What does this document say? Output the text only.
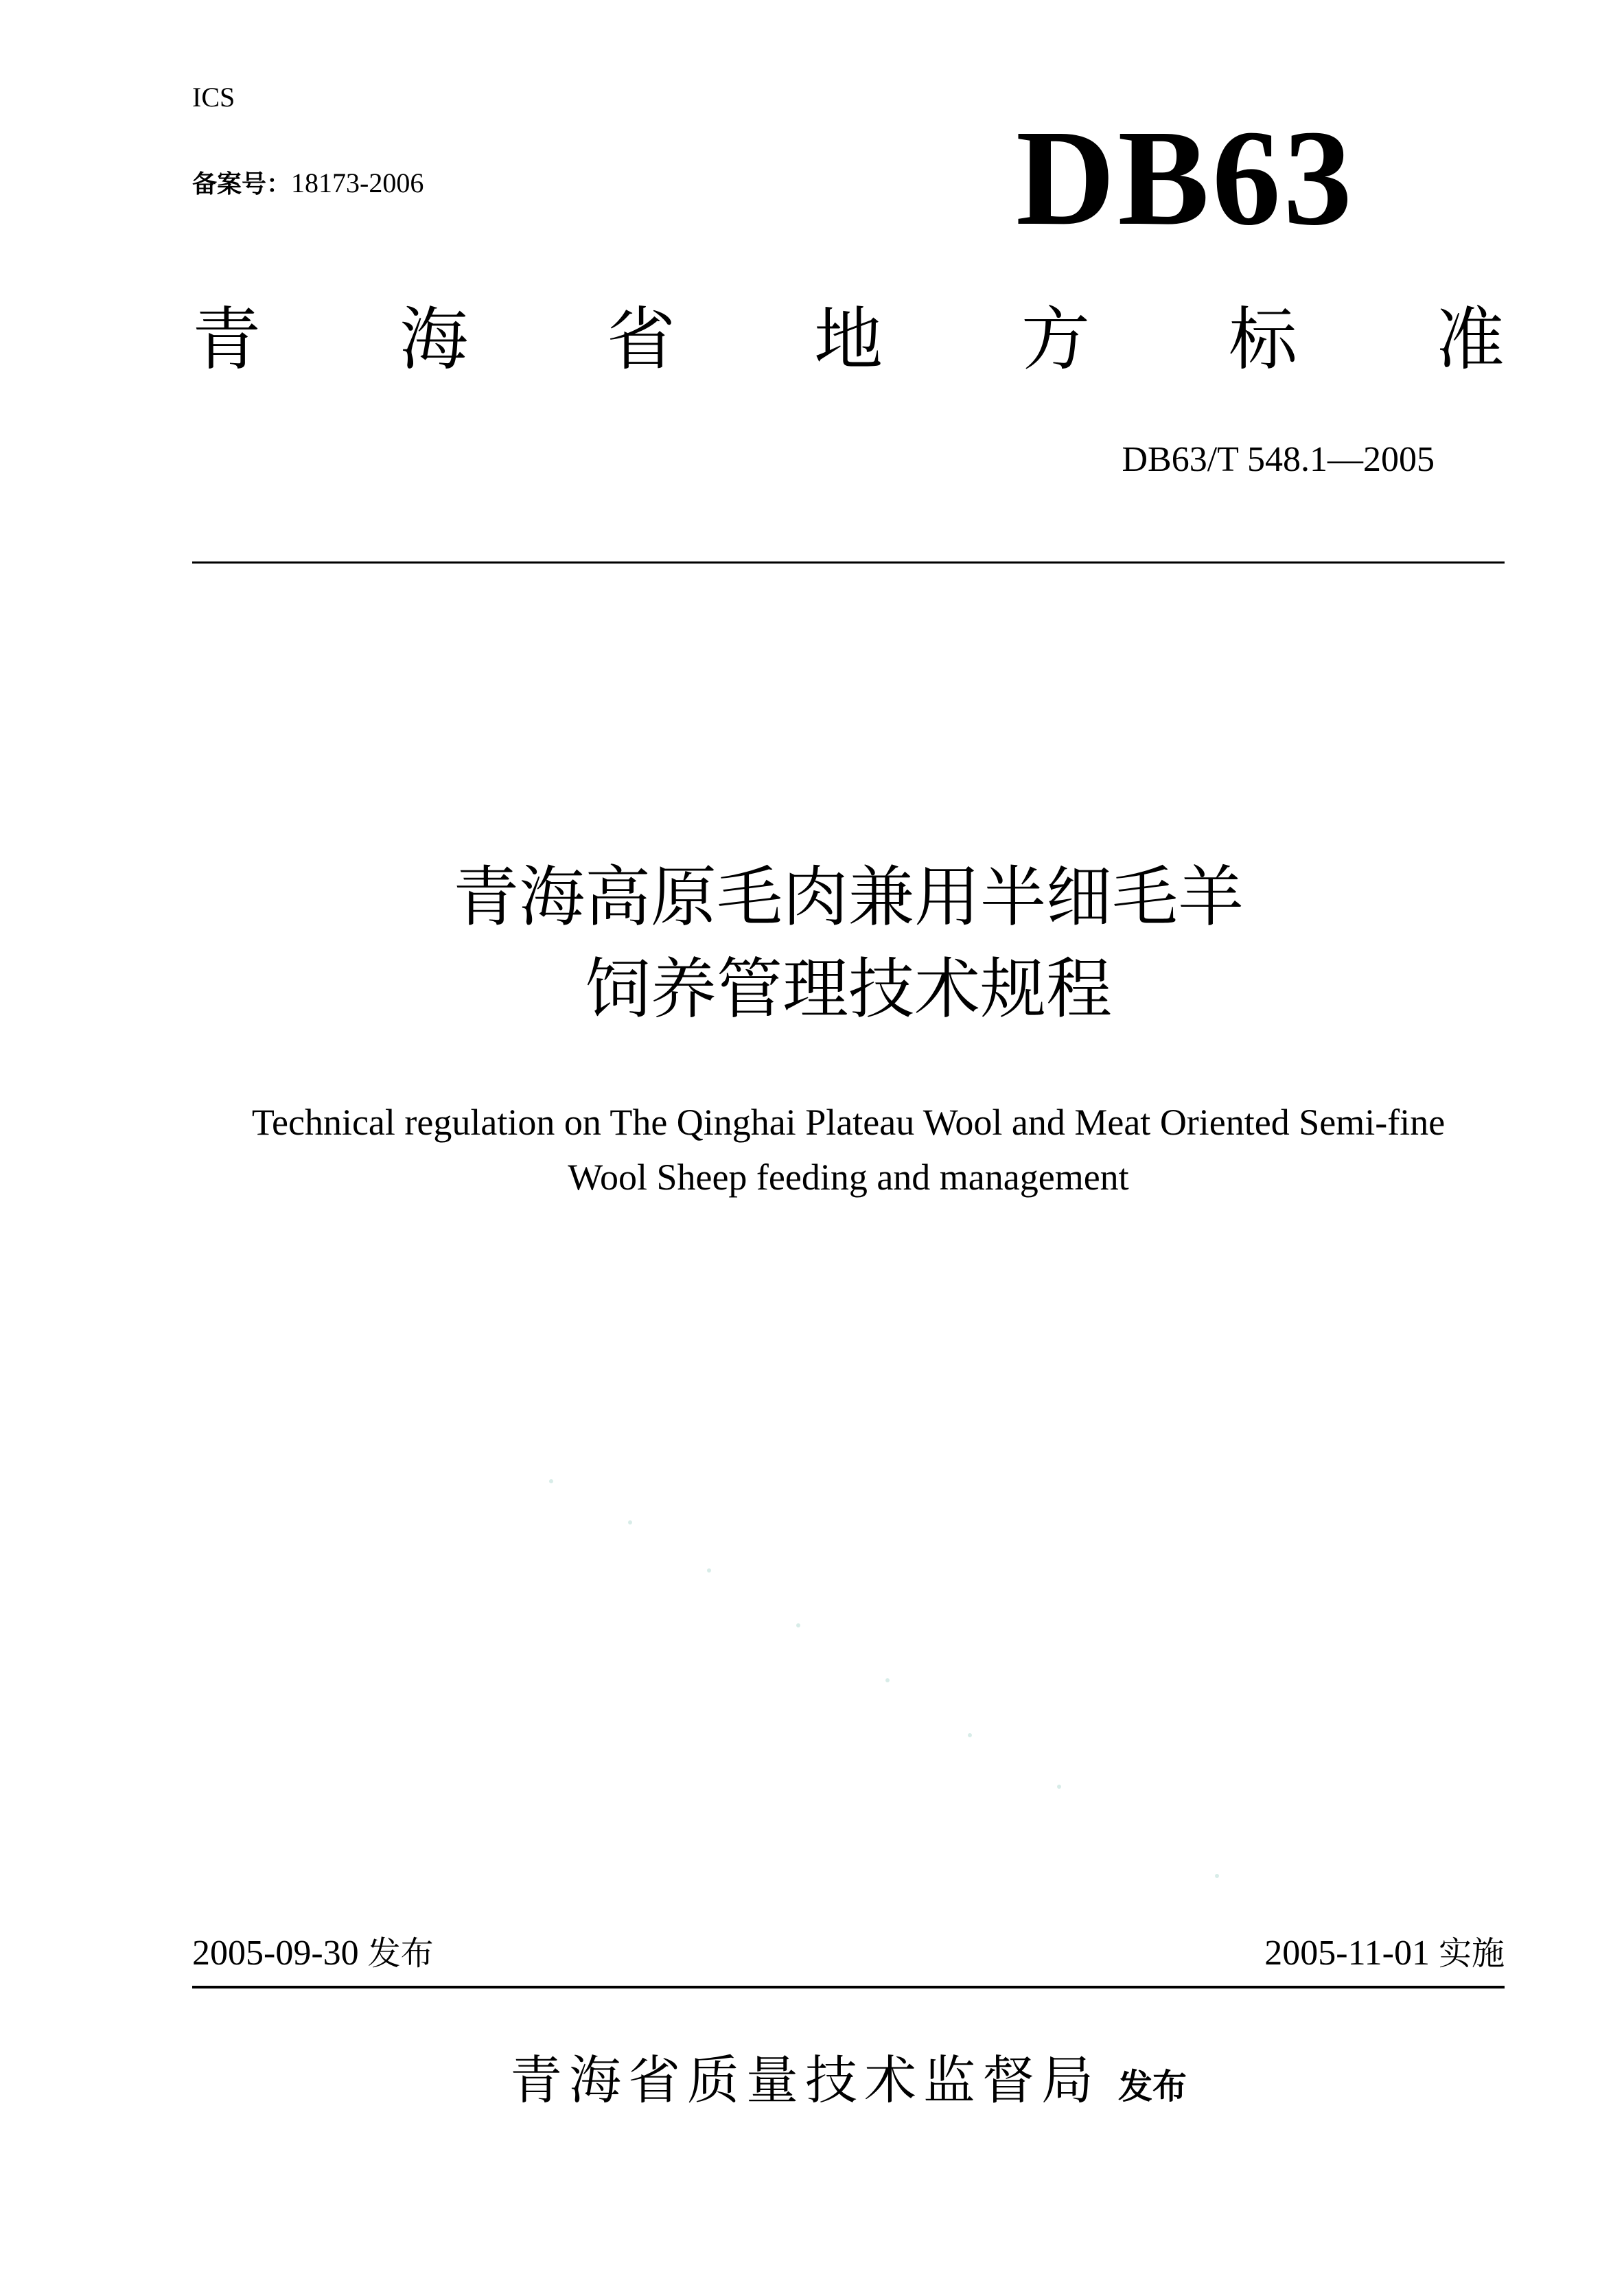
ICS
备案号：18173-2006	DB63
青 海 省 地 方 标 准
DB63/T 548.1—2005
青海高原毛肉兼用半细毛羊
饲养管理技术规程
Technical regulation on The Qinghai Plateau Wool and Meat Oriented Semi-fine
Wool Sheep feeding and management
2005-09-30 发布	2005-11-01 实施
青海省质量技术监督局 发布
